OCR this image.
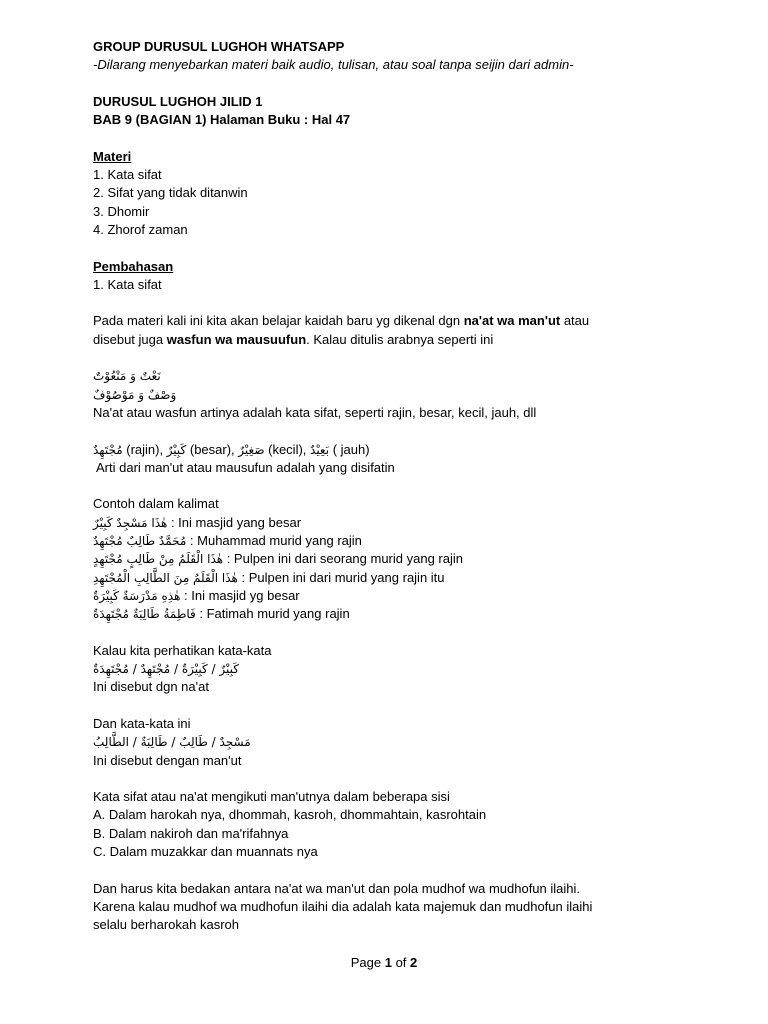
GROUP DURUSUL LUGHOH WHATSAPP
-Dilarang menyebarkan materi baik audio, tulisan, atau soal tanpa seijin dari admin-
DURUSUL LUGHOH JILID 1
BAB 9 (BAGIAN 1) Halaman Buku : Hal 47
Materi
1. Kata sifat
2. Sifat yang tidak ditanwin
3. Dhomir
4. Zhorof zaman
Pembahasan
1. Kata sifat
Pada materi kali ini kita akan belajar kaidah baru yg dikenal dgn na'at wa man'ut atau
disebut juga wasfun wa mausuufun. Kalau ditulis arabnya seperti ini
نَعْتٌ وَ مَنْعُوْتٌ
وَصْفٌ وَ مَوْصُوْفٌ
Na'at atau wasfun artinya adalah kata sifat, seperti rajin, besar, kecil, jauh, dll
مُجْتَهِدٌ (rajin), كَبِيْرٌ (besar), صَغِيْرٌ (kecil), بَعِيْدٌ ( jauh)
Arti dari man'ut atau mausufun adalah yang disifatin
Contoh dalam kalimat
هٰذَا مَسْجِدٌ كَبِيْرٌ : Ini masjid yang besar
مُحَمَّدٌ طَالِبٌ مُجْتَهِدٌ : Muhammad murid yang rajin
هٰذَا الْقَلَمُ مِنْ طَالِبٍ مُجْتَهِدٍ : Pulpen ini dari seorang murid yang rajin
هٰذَا الْقَلَمُ مِنَ الطَّالِبِ الْمُجْتَهِدِ : Pulpen ini dari murid yang rajin itu
هٰذِهِ مَدْرَسَةٌ كَبِيْرَةٌ : Ini masjid yg besar
فَاطِمَةُ طَالِبَةٌ مُجْتَهِدَةٌ : Fatimah murid yang rajin
Kalau kita perhatikan kata-kata
كَبِيْرٌ / كَبِيْرَةٌ / مُجْتَهِدٌ / مُجْتَهِدَةٌ
Ini disebut dgn na'at
Dan kata-kata ini
مَسْجِدٌ / طَالِبٌ / طَالِبَةٌ / الطَّالِبُ
Ini disebut dengan man'ut
Kata sifat atau na'at mengikuti man'utnya dalam beberapa sisi
A. Dalam harokah nya, dhommah, kasroh, dhommahtain, kasrohtain
B. Dalam nakiroh dan ma'rifahnya
C. Dalam muzakkar dan muannats nya
Dan harus kita bedakan antara na'at wa man'ut dan pola mudhof wa mudhofun ilaihi.
Karena kalau mudhof wa mudhofun ilaihi dia adalah kata majemuk dan mudhofun ilaihi
selalu berharokah kasroh
Page 1 of 2
